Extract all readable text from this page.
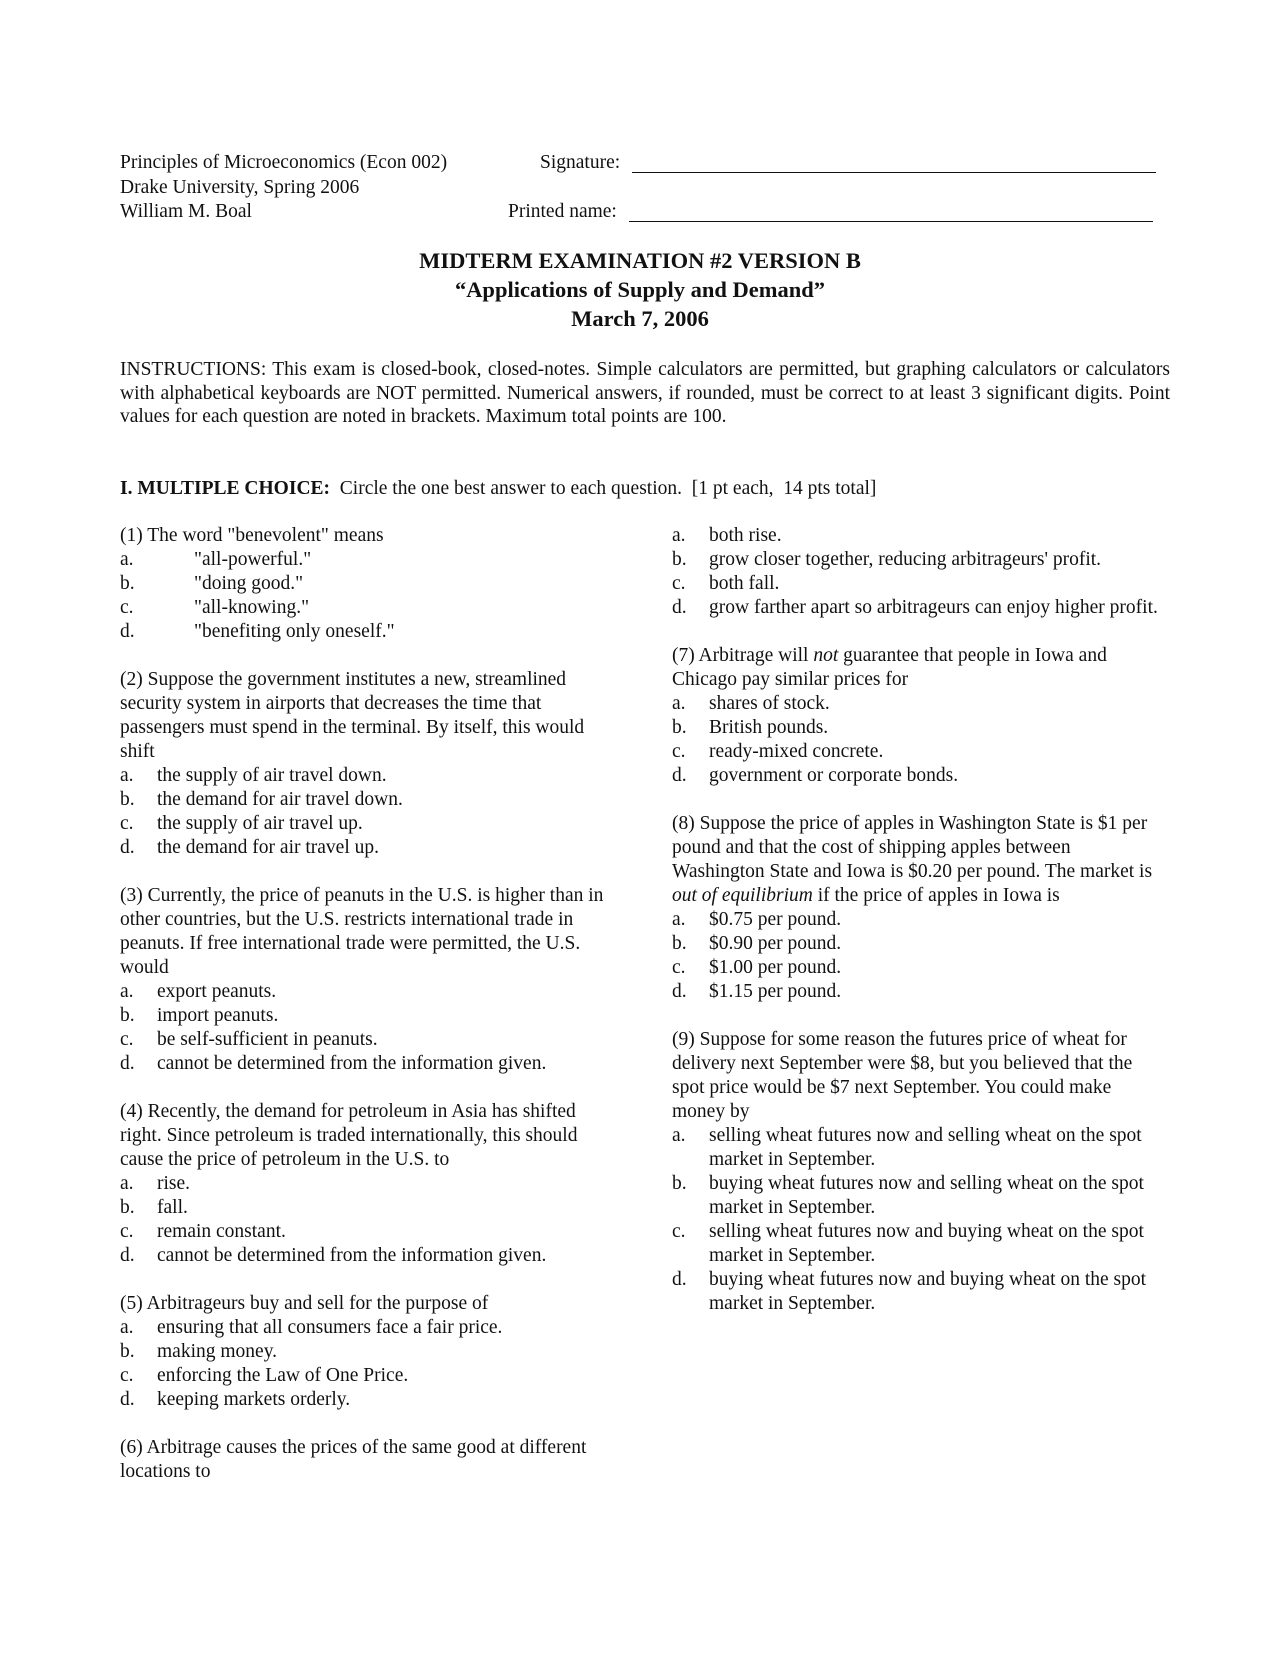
Principles of Microeconomics (Econ 002)
Drake University, Spring 2006
William M. Boal
Signature:
Printed name:
MIDTERM EXAMINATION #2 VERSION B
“Applications of Supply and Demand”
March 7, 2006
INSTRUCTIONS: This exam is closed-book, closed-notes. Simple calculators are permitted, but graphing calculators or calculators with alphabetical keyboards are NOT permitted. Numerical answers, if rounded, must be correct to at least 3 significant digits. Point values for each question are noted in brackets. Maximum total points are 100.
I. MULTIPLE CHOICE:  Circle the one best answer to each question.  [1 pt each,  14 pts total]
(1) The word "benevolent" means
a.	"all-powerful."
b.	"doing good."
c.	"all-knowing."
d.	"benefiting only oneself."
(2) Suppose the government institutes a new, streamlined security system in airports that decreases the time that passengers must spend in the terminal. By itself, this would shift
a.	the supply of air travel down.
b.	the demand for air travel down.
c.	the supply of air travel up.
d.	the demand for air travel up.
(3) Currently, the price of peanuts in the U.S. is higher than in other countries, but the U.S. restricts international trade in peanuts. If free international trade were permitted, the U.S. would
a.	export peanuts.
b.	import peanuts.
c.	be self-sufficient in peanuts.
d.	cannot be determined from the information given.
(4) Recently, the demand for petroleum in Asia has shifted right. Since petroleum is traded internationally, this should cause the price of petroleum in the U.S. to
a.	rise.
b.	fall.
c.	remain constant.
d.	cannot be determined from the information given.
(5) Arbitrageurs buy and sell for the purpose of
a.	ensuring that all consumers face a fair price.
b.	making money.
c.	enforcing the Law of One Price.
d.	keeping markets orderly.
(6) Arbitrage causes the prices of the same good at different locations to
a.	both rise.
b.	grow closer together, reducing arbitrageurs' profit.
c.	both fall.
d.	grow farther apart so arbitrageurs can enjoy higher profit.
(7) Arbitrage will not guarantee that people in Iowa and Chicago pay similar prices for
a.	shares of stock.
b.	British pounds.
c.	ready-mixed concrete.
d.	government or corporate bonds.
(8) Suppose the price of apples in Washington State is $1 per pound and that the cost of shipping apples between Washington State and Iowa is $0.20 per pound. The market is out of equilibrium if the price of apples in Iowa is
a.	$0.75 per pound.
b.	$0.90 per pound.
c.	$1.00 per pound.
d.	$1.15 per pound.
(9) Suppose for some reason the futures price of wheat for delivery next September were $8, but you believed that the spot price would be $7 next September. You could make money by
a.	selling wheat futures now and selling wheat on the spot market in September.
b.	buying wheat futures now and selling wheat on the spot market in September.
c.	selling wheat futures now and buying wheat on the spot market in September.
d.	buying wheat futures now and buying wheat on the spot market in September.
